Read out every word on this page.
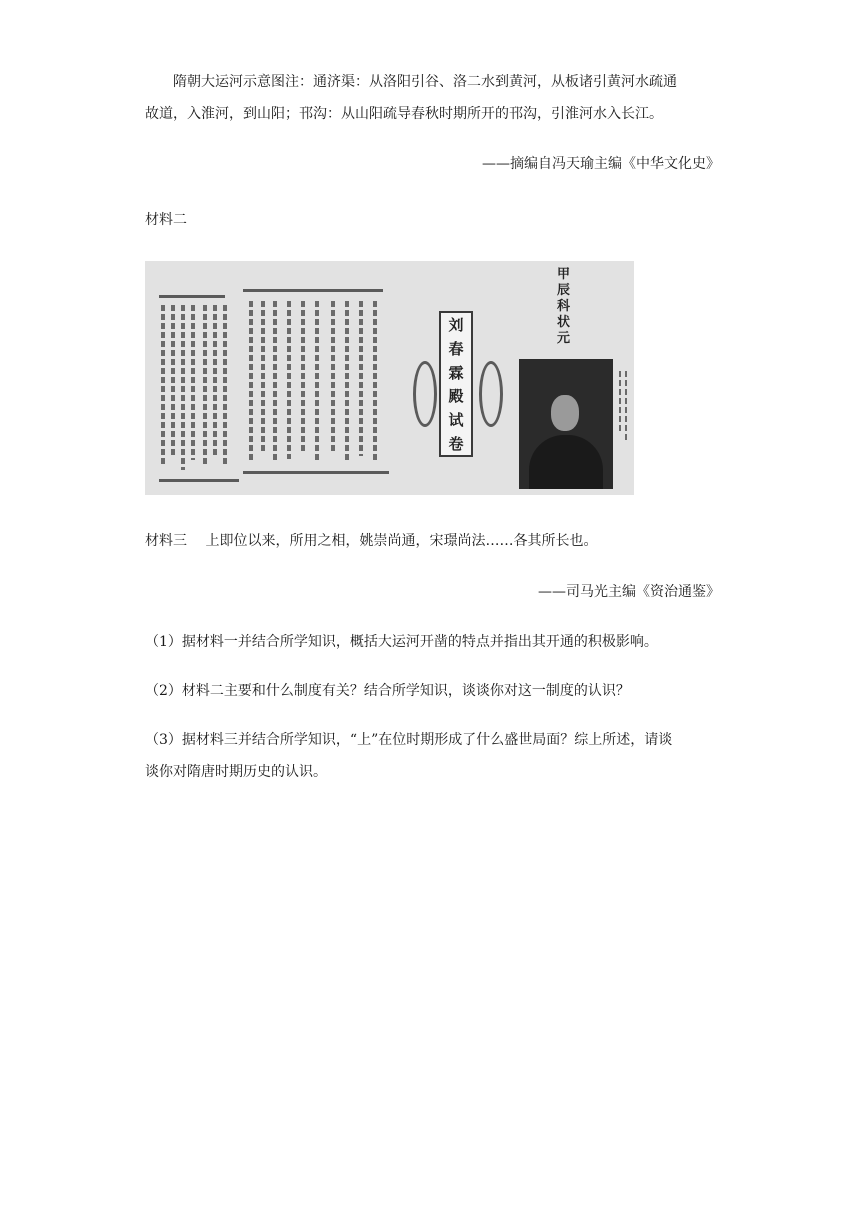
　　隋朝大运河示意图注：通济渠：从洛阳引谷、洛二水到黄河，从板诸引黄河水疏通
故道，入淮河，到山阳；邗沟：从山阳疏导春秋时期所开的邗沟，引淮河水入长江。
——摘编自冯天瑜主编《中华文化史》
材料二
刘
春
霖
殿
试
卷
甲
辰
科
状
元
材料三　 上即位以来，所用之相，姚崇尚通，宋璟尚法……各其所长也。
——司马光主编《资治通鉴》
（1）据材料一并结合所学知识，概括大运河开凿的特点并指出其开通的积极影响。
（2）材料二主要和什么制度有关？结合所学知识，谈谈你对这一制度的认识？
（3）据材料三并结合所学知识，“上”在位时期形成了什么盛世局面？综上所述，请谈
谈你对隋唐时期历史的认识。
